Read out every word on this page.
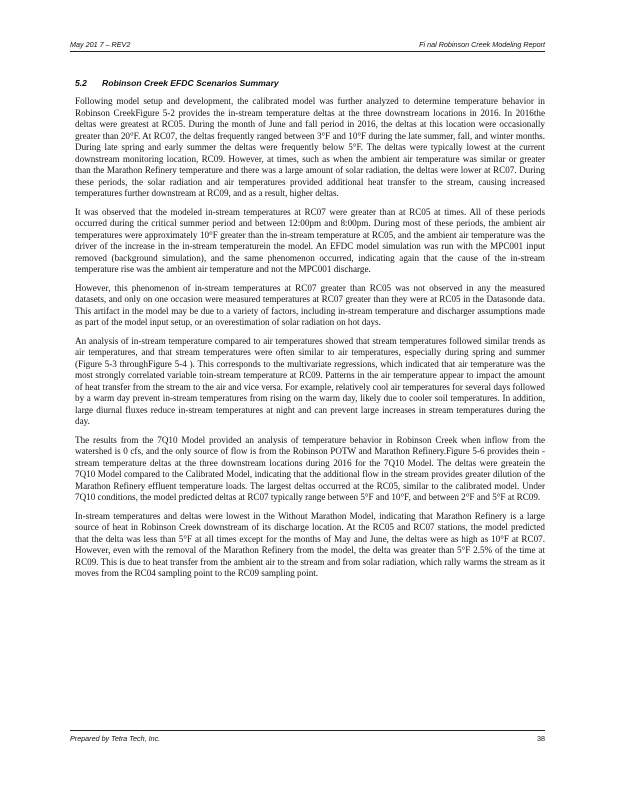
May 201 7 – REV2	Fi nal Robinson Creek Modeling Report
5.2 Robinson Creek EFDC Scenarios Summary

Following model setup and development, the calibrated model was further analyzed to determine temperature behavior in Robinson CreekFigure 5-2 provides the in-stream temperature deltas at the three downstream locations in 2016. In 2016the deltas were greatest at RC05. During the month of June and fall period in 2016, the deltas at this location were occasionally greater than 20°F. At RC07, the deltas frequently ranged between 3°F and 10°F during the late summer, fall, and winter months. During late spring and early summer the deltas were frequently below 5°F. The deltas were typically lowest at the current downstream monitoring location, RC09. However, at times, such as when the ambient air temperature was similar or greater than the Marathon Refinery temperature and there was a large amount of solar radiation, the deltas were lower at RC07. During these periods, the solar radiation and air temperatures provided additional heat transfer to the stream, causing increased temperatures further downstream at RC09, and as a result, higher deltas.

It was observed that the modeled in-stream temperatures at RC07 were greater than at RC05 at times. All of these periods occurred during the critical summer period and between 12:00pm and 8:00pm. During most of these periods, the ambient air temperatures were approximately 10°F greater than the in-stream temperature at RC05, and the ambient air temperature was the driver of the increase in the in-stream temperaturein the model. An EFDC model simulation was run with the MPC001 input removed (background simulation), and the same phenomenon occurred, indicating again that the cause of the in-stream temperature rise was the ambient air temperature and not the MPC001 discharge.

However, this phenomenon of in-stream temperatures at RC07 greater than RC05 was not observed in any the measured datasets, and only on one occasion were measured temperatures at RC07 greater than they were at RC05 in the Datasonde data. This artifact in the model may be due to a variety of factors, including in-stream temperature and discharger assumptions made as part of the model input setup, or an overestimation of solar radiation on hot days.

An analysis of in-stream temperature compared to air temperatures showed that stream temperatures followed similar trends as air temperatures, and that stream temperatures were often similar to air temperatures, especially during spring and summer (Figure 5-3 throughFigure 5-4 ). This corresponds to the multivariate regressions, which indicated that air temperature was the most strongly correlated variable toin-stream temperature at RC09. Patterns in the air temperature appear to impact the amount of heat transfer from the stream to the air and vice versa. For example, relatively cool air temperatures for several days followed by a warm day prevent in-stream temperatures from rising on the warm day, likely due to cooler soil temperatures. In addition, large diurnal fluxes reduce in-stream temperatures at night and can prevent large increases in stream temperatures during the day.

The results from the 7Q10 Model provided an analysis of temperature behavior in Robinson Creek when inflow from the watershed is 0 cfs, and the only source of flow is from the Robinson POTW and Marathon Refinery.Figure 5-6 provides thein -stream temperature deltas at the three downstream locations during 2016 for the 7Q10 Model. The deltas were greatein the 7Q10 Model compared to the Calibrated Model, indicating that the additional flow in the stream provides greater dilution of the Marathon Refinery effluent temperature loads. The largest deltas occurred at the RC05, similar to the calibrated model. Under 7Q10 conditions, the model predicted deltas at RC07 typically range between 5°F and 10°F, and between 2°F and 5°F at RC09.

In-stream temperatures and deltas were lowest in the Without Marathon Model, indicating that Marathon Refinery is a large source of heat in Robinson Creek downstream of its discharge location. At the RC05 and RC07 stations, the model predicted that the delta was less than 5°F at all times except for the months of May and June, the deltas were as high as 10°F at RC07. However, even with the removal of the Marathon Refinery from the model, the delta was greater than 5°F 2.5% of the time at RC09. This is due to heat transfer from the ambient air to the stream and from solar radiation, which rally warms the stream as it moves from the RC04 sampling point to the RC09 sampling point.

Prepared by Tetra Tech, Inc.	38
